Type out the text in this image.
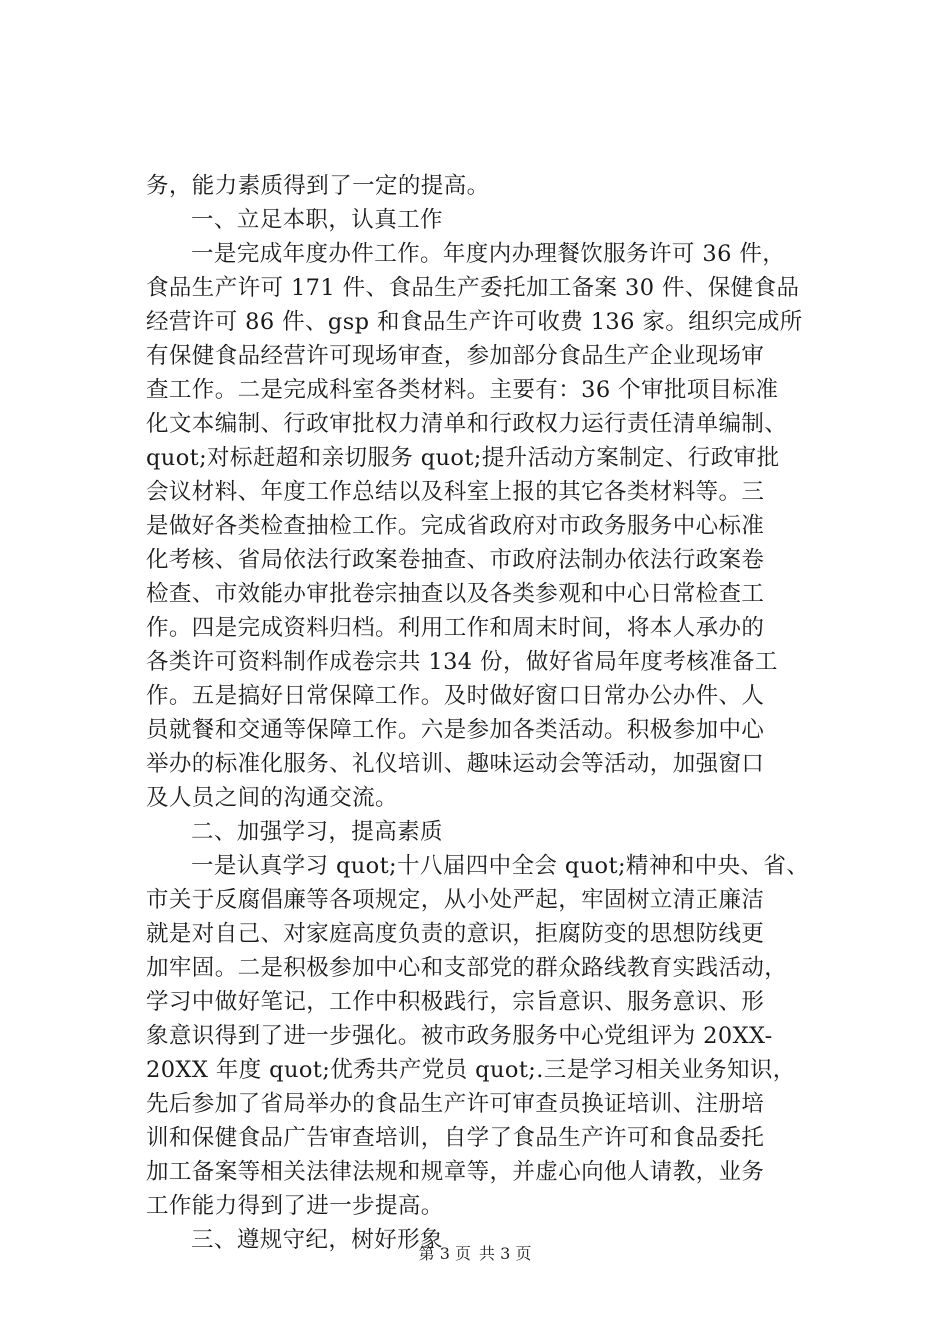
务，能力素质得到了一定的提高。
一、立足本职，认真工作
一是完成年度办件工作。年度内办理餐饮服务许可 36 件，
食品生产许可 171 件、食品生产委托加工备案 30 件、保健食品
经营许可 86 件、gsp 和食品生产许可收费 136 家。组织完成所
有保健食品经营许可现场审查，参加部分食品生产企业现场审
查工作。二是完成科室各类材料。主要有：36 个审批项目标准
化文本编制、行政审批权力清单和行政权力运行责任清单编制、
quot;对标赶超和亲切服务 quot;提升活动方案制定、行政审批
会议材料、年度工作总结以及科室上报的其它各类材料等。三
是做好各类检查抽检工作。完成省政府对市政务服务中心标准
化考核、省局依法行政案卷抽查、市政府法制办依法行政案卷
检查、市效能办审批卷宗抽查以及各类参观和中心日常检查工
作。四是完成资料归档。利用工作和周末时间，将本人承办的
各类许可资料制作成卷宗共 134 份，做好省局年度考核准备工
作。五是搞好日常保障工作。及时做好窗口日常办公办件、人
员就餐和交通等保障工作。六是参加各类活动。积极参加中心
举办的标准化服务、礼仪培训、趣味运动会等活动，加强窗口
及人员之间的沟通交流。
二、加强学习，提高素质
一是认真学习 quot;十八届四中全会 quot;精神和中央、省、
市关于反腐倡廉等各项规定，从小处严起，牢固树立清正廉洁
就是对自己、对家庭高度负责的意识，拒腐防变的思想防线更
加牢固。二是积极参加中心和支部党的群众路线教育实践活动，
学习中做好笔记，工作中积极践行，宗旨意识、服务意识、形
象意识得到了进一步强化。被市政务服务中心党组评为 20XX-
20XX 年度 quot;优秀共产党员 quot;.三是学习相关业务知识，
先后参加了省局举办的食品生产许可审查员换证培训、注册培
训和保健食品广告审查培训，自学了食品生产许可和食品委托
加工备案等相关法律法规和规章等，并虚心向他人请教，业务
工作能力得到了进一步提高。
三、遵规守纪，树好形象
第 3 页 共 3 页
